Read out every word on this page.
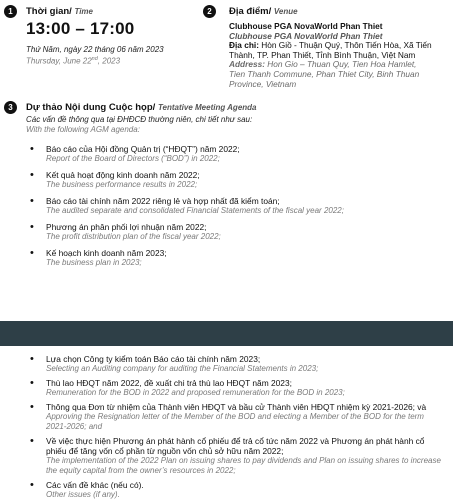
1	Thời gian/ Time
13:00 – 17:00
Thứ Năm, ngày 22 tháng 06 năm 2023
Thursday, June 22nd, 2023
2	Địa điểm/ Venue
Clubhouse PGA NovaWorld Phan Thiet
Clubhouse PGA NovaWorld Phan Thiet
Địa chỉ: Hòn Giồ - Thuận Quý, Thôn Tiến Hòa, Xã Tiến
Thành, TP. Phan Thiết, Tỉnh Bình Thuận, Việt Nam
Address: Hon Gio – Thuan Quy, Tien Hoa Hamlet,
Tien Thanh Commune, Phan Thiet City, Binh Thuan
Province, Vietnam
3	Dự thảo Nội dung Cuộc họp/ Tentative Meeting Agenda
Các vấn đề thông qua tại ĐHĐCĐ thường niên, chi tiết như sau:
With the following AGM agenda:
• Báo cáo của Hội đồng Quản trị (“HĐQT”) năm 2022;
Report of the Board of Directors (“BOD”) in 2022;
• Kết quả hoạt động kinh doanh năm 2022;
The business performance results in 2022;
• Báo cáo tài chính năm 2022 riêng lẻ và hợp nhất đã kiểm toán;
The audited separate and consolidated Financial Statements of the fiscal year 2022;
• Phương án phân phối lợi nhuận năm 2022;
The profit distribution plan of the fiscal year 2022;
• Kế hoạch kinh doanh năm 2023;
The business plan in 2023;
• Lựa chọn Công ty kiểm toán Báo cáo tài chính năm 2023;
Selecting an Auditing company for auditing the Financial Statements in 2023;
• Thù lao HĐQT năm 2022, đề xuất chi trả thù lao HĐQT năm 2023;
Remuneration for the BOD in 2022 and proposed remuneration for the BOD in 2023;
• Thông qua Đơn từ nhiệm của Thành viên HĐQT và bầu cử Thành viên HĐQT nhiệm kỳ 2021-2026; và
Approving the Resignation letter of the Member of the BOD and electing a Member of the BOD for the term 2021-2026; and
• Về việc thực hiện Phương án phát hành cổ phiếu để trả cổ tức năm 2022 và Phương án phát hành cổ phiếu để tăng vốn cổ phần từ nguồn vốn chủ sở hữu năm 2022;
The implementation of the 2022 Plan on issuing shares to pay dividends and Plan on issuing shares to increase the equity capital from the owner’s resources in 2022;
• Các vấn đề khác (nếu có).
Other issues (if any).
